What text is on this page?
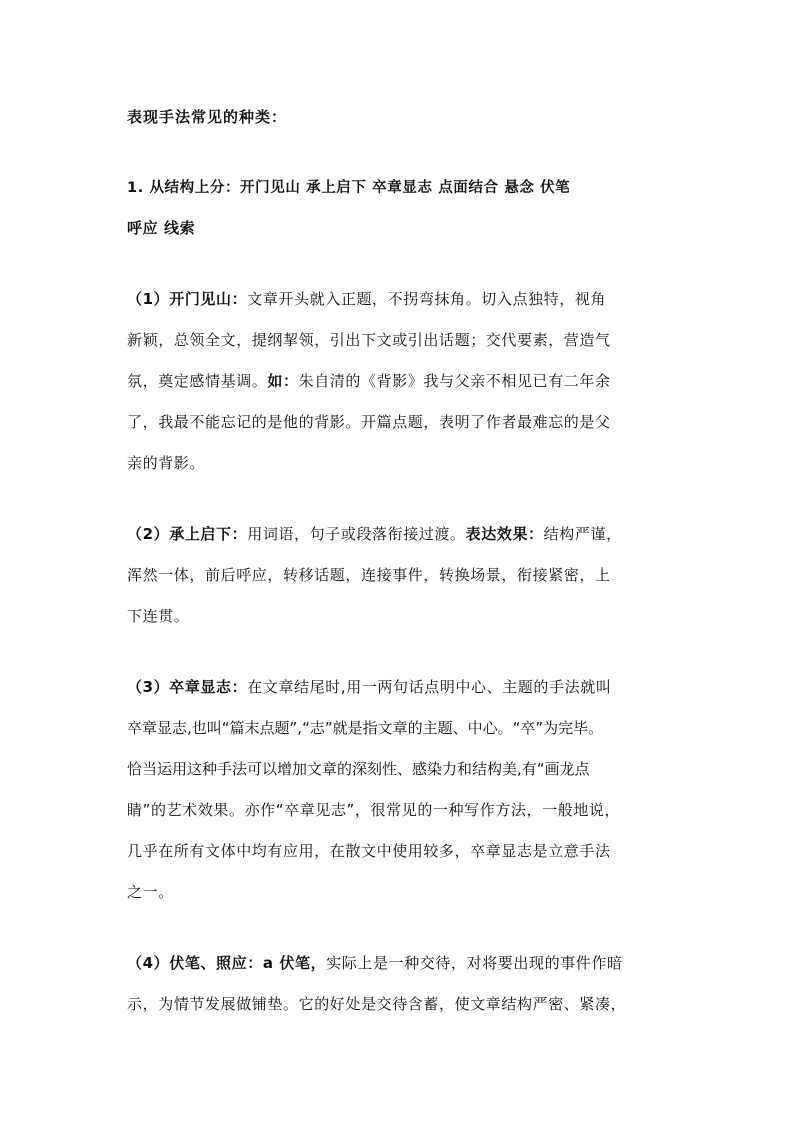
表现手法常见的种类：
1. 从结构上分：开门见山 承上启下 卒章显志 点面结合 悬念 伏笔
呼应 线索
（1）开门见山：文章开头就入正题，不拐弯抹角。切入点独特，视角
新颖，总领全文，提纲挈领，引出下文或引出话题；交代要素，营造气
氛，奠定感情基调。如：朱自清的《背影》我与父亲不相见已有二年余
了，我最不能忘记的是他的背影。开篇点题，表明了作者最难忘的是父
亲的背影。
（2）承上启下：用词语，句子或段落衔接过渡。表达效果：结构严谨，
浑然一体，前后呼应，转移话题，连接事件，转换场景，衔接紧密，上
下连贯。
（3）卒章显志：在文章结尾时,用一两句话点明中心、主题的手法就叫
卒章显志,也叫“篇末点题”,“志”就是指文章的主题、中心。“卒”为完毕。
恰当运用这种手法可以增加文章的深刻性、感染力和结构美,有“画龙点
睛”的艺术效果。亦作“卒章见志”，很常见的一种写作方法，一般地说，
几乎在所有文体中均有应用，在散文中使用较多，卒章显志是立意手法
之一。
（4）伏笔、照应：a 伏笔，实际上是一种交待，对将要出现的事件作暗
示，为情节发展做铺垫。它的好处是交待含蓄，使文章结构严密、紧凑，
